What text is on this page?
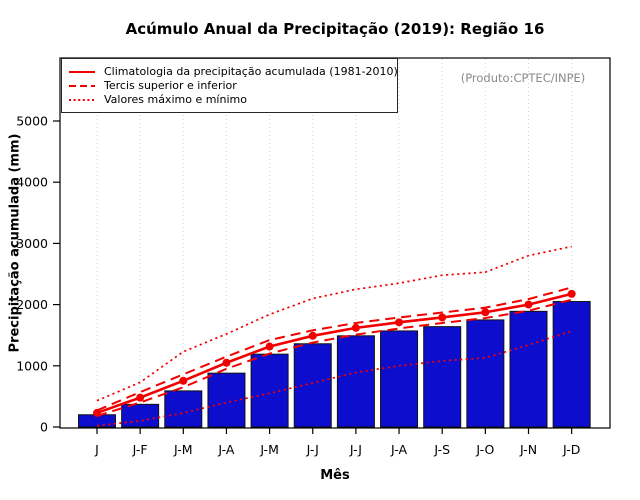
Acúmulo Anual da Precipitação (2019): Região 16
0
1000
2000
3000
4000
5000
J	J-F J-M J-A J-M J-J J-J J-A J-S J-O J-N J-D
Climatologia da precipitação acumulada (1981-2010)
Tercis superior e inferior
Valores máximo e mínimo
(Produto:CPTEC/INPE)
Precipitação acumulada (mm)
Mês
